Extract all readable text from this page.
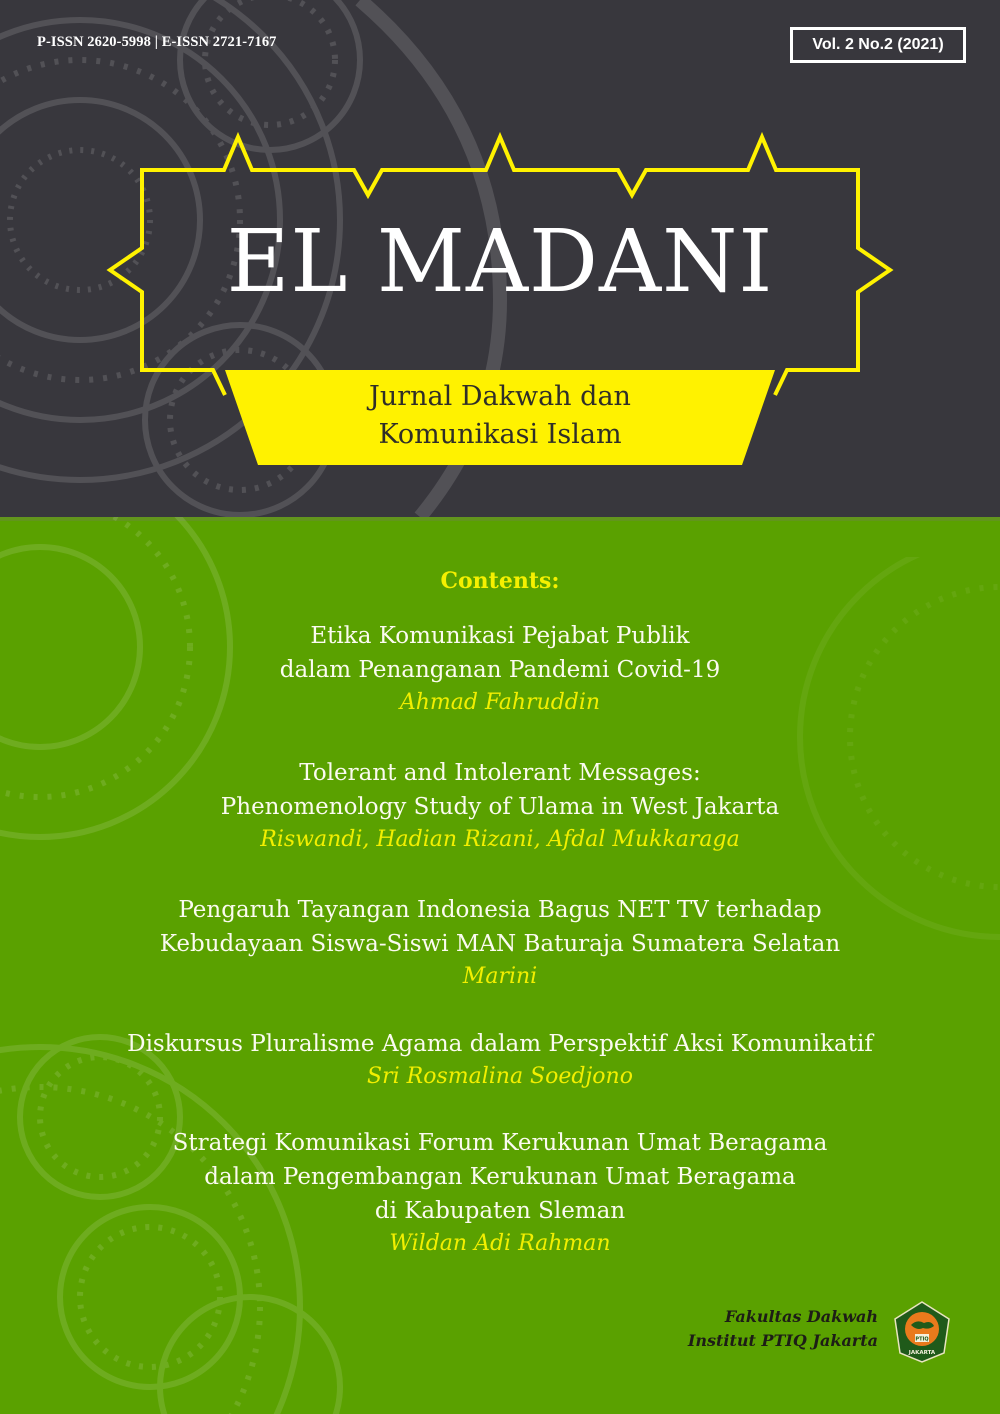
P-ISSN 2620-5998 | E-ISSN 2721-7167	Vol. 2 No.2 (2021)
EL MADANI
Jurnal Dakwah dan
Komunikasi Islam
Contents:
Etika Komunikasi Pejabat Publik
dalam Penanganan Pandemi Covid-19
Ahmad Fahruddin
Tolerant and Intolerant Messages:
Phenomenology Study of Ulama in West Jakarta
Riswandi, Hadian Rizani, Afdal Mukkaraga
Pengaruh Tayangan Indonesia Bagus NET TV terhadap
Kebudayaan Siswa-Siswi MAN Baturaja Sumatera Selatan
Marini
Diskursus Pluralisme Agama dalam Perspektif Aksi Komunikatif
Sri Rosmalina Soedjono
Strategi Komunikasi Forum Kerukunan Umat Beragama
dalam Pengembangan Kerukunan Umat Beragama
di Kabupaten Sleman
Wildan Adi Rahman
Fakultas Dakwah
Institut PTIQ Jakarta	PTIQ
JAKARTA
